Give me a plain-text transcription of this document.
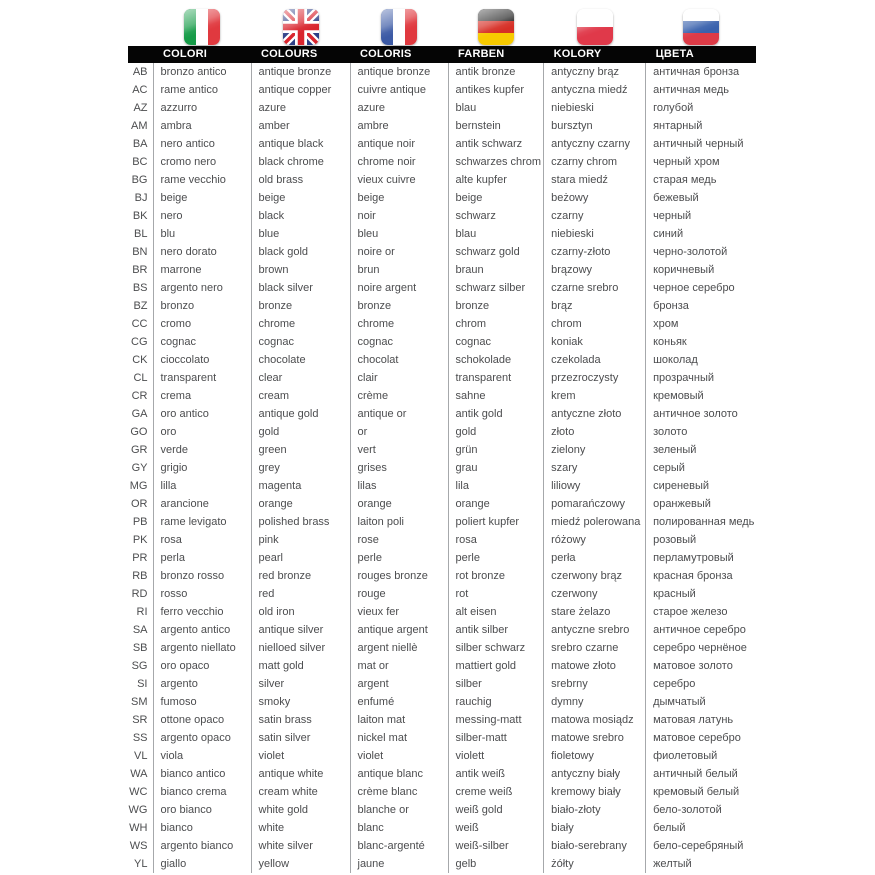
	COLORI	COLOURS	COLORIS	FARBEN	KOLORY	ЦВЕТА
AB	bronzo antico	antique bronze	antique bronze	antik bronze	antyczny brąz	античная бронза
AC	rame antico	antique copper	cuivre antique	antikes kupfer	antyczna miedź	античная медь
AZ	azzurro	azure	azure	blau	niebieski	голубой
AM	ambra	amber	ambre	bernstein	bursztyn	янтарный
BA	nero antico	antique black	antique noir	antik schwarz	antyczny czarny	античный черный
BC	cromo nero	black chrome	chrome noir	schwarzes chrom	czarny chrom	черный хром
BG	rame vecchio	old brass	vieux cuivre	alte kupfer	stara miedź	старая медь
BJ	beige	beige	beige	beige	beżowy	бежевый
BK	nero	black	noir	schwarz	czarny	черный
BL	blu	blue	bleu	blau	niebieski	синий
BN	nero dorato	black gold	noire or	schwarz gold	czarny-złoto	черно-золотой
BR	marrone	brown	brun	braun	brązowy	коричневый
BS	argento nero	black silver	noire argent	schwarz silber	czarne srebro	черное серебро
BZ	bronzo	bronze	bronze	bronze	brąz	бронза
CC	cromo	chrome	chrome	chrom	chrom	хром
CG	cognac	cognac	cognac	cognac	koniak	коньяк
CK	cioccolato	chocolate	chocolat	schokolade	czekolada	шоколад
CL	transparent	clear	clair	transparent	przezroczysty	прозрачный
CR	crema	cream	crème	sahne	krem	кремовый
GA	oro antico	antique gold	antique or	antik gold	antyczne złoto	античное золото
GO	oro	gold	or	gold	złoto	золото
GR	verde	green	vert	grün	zielony	зеленый
GY	grigio	grey	grises	grau	szary	серый
MG	lilla	magenta	lilas	lila	liliowy	сиреневый
OR	arancione	orange	orange	orange	pomarańczowy	оранжевый
PB	rame levigato	polished brass	laiton poli	poliert kupfer	miedź polerowana	полированная медь
PK	rosa	pink	rose	rosa	różowy	розовый
PR	perla	pearl	perle	perle	perła	перламутровый
RB	bronzo rosso	red bronze	rouges bronze	rot bronze	czerwony brąz	красная бронза
RD	rosso	red	rouge	rot	czerwony	красный
RI	ferro vecchio	old iron	vieux fer	alt eisen	stare żelazo	старое железо
SA	argento antico	antique silver	antique argent	antik silber	antyczne srebro	античное серебро
SB	argento niellato	nielloed silver	argent niellè	silber schwarz	srebro czarne	серебро чернёное
SG	oro opaco	matt gold	mat or	mattiert gold	matowe złoto	матовое золото
SI	argento	silver	argent	silber	srebrny	серебро
SM	fumoso	smoky	enfumé	rauchig	dymny	дымчатый
SR	ottone opaco	satin brass	laiton mat	messing-matt	matowa mosiądz	матовая латунь
SS	argento opaco	satin silver	nickel mat	silber-matt	matowe srebro	матовое серебро
VL	viola	violet	violet	violett	fioletowy	фиолетовый
WA	bianco antico	antique white	antique blanc	antik weiß	antyczny biały	античный белый
WC	bianco crema	cream white	crème blanc	creme weiß	kremowy biały	кремовый белый
WG	oro bianco	white gold	blanche or	weiß gold	biało-złoty	бело-золотой
WH	bianco	white	blanc	weiß	biały	белый
WS	argento bianco	white silver	blanc-argenté	weiß-silber	biało-serebrany	бело-серебряный
YL	giallo	yellow	jaune	gelb	żółty	желтый
